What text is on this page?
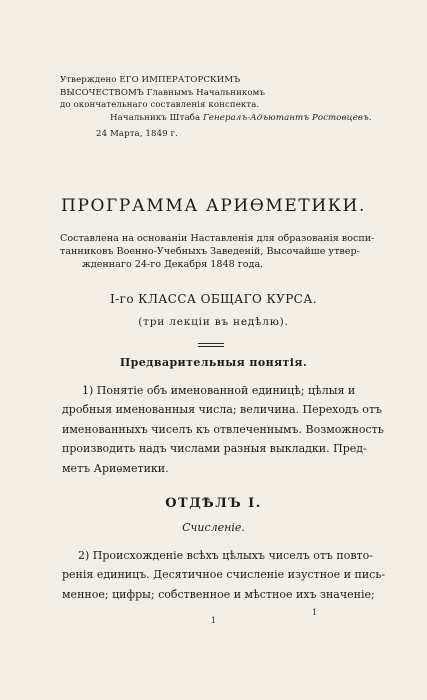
Утверждено ЕГО ИМПЕРАТОРСКИМЪ
ВЫСОЧЕСТВОМЪ Главнымъ Начальникомъ
до окончательнаго составленія конспекта.
Начальникъ Штаба Генералъ-Адъютантъ Ростовцевъ.
24 Марта, 1849 г.
ПРОГРАММА АРИѲМЕТИКИ.
Составлена на основаніи Наставленія для образованія воспи-
танниковъ Военно-Учебныхъ Заведеній, Высочайше утвер-
жденнаго 24-го Декабря 1848 года.
I-го КЛАССА ОБЩАГО КУРСА.
(три лекціи въ недѣлю).
Предварительныя понятія.
1) Понятіе объ именованной единицѣ; цѣлыя и
дробныя именованныя числа; величина. Переходъ отъ
именованныхъ чиселъ къ отвлеченнымъ. Возможность
производить надъ числами разныя выкладки. Пред-
метъ Ариѳметики.
ОТДѢЛЪ I.
Счисленіе.
2) Происхожденіе всѣхъ цѣлыхъ чиселъ отъ повто-
ренія единицъ. Десятичное счисленіе изустное и пись-
менное; цифры; собственное и мѣстное ихъ значеніе;
1
1
